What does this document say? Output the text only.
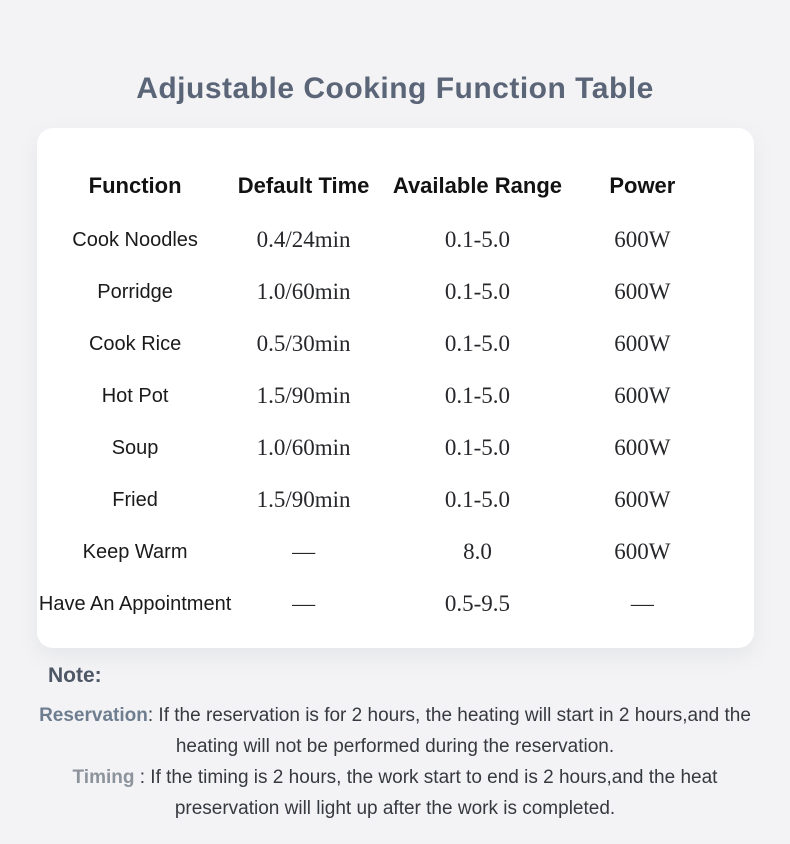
Adjustable Cooking Function Table
Function	Default Time	Available Range	Power
Cook Noodles	0.4/24min	0.1-5.0	600W
Porridge	1.0/60min	0.1-5.0	600W
Cook Rice	0.5/30min	0.1-5.0	600W
Hot Pot	1.5/90min	0.1-5.0	600W
Soup	1.0/60min	0.1-5.0	600W
Fried	1.5/90min	0.1-5.0	600W
Keep Warm	—	8.0	600W
Have An Appointment	—	0.5-9.5	—
Note:

Reservation: If the reservation is for 2 hours, the heating will start in 2 hours,and the

heating will not be performed during the reservation.

Timing : If the timing is 2 hours, the work start to end is 2 hours,and the heat

preservation will light up after the work is completed.
